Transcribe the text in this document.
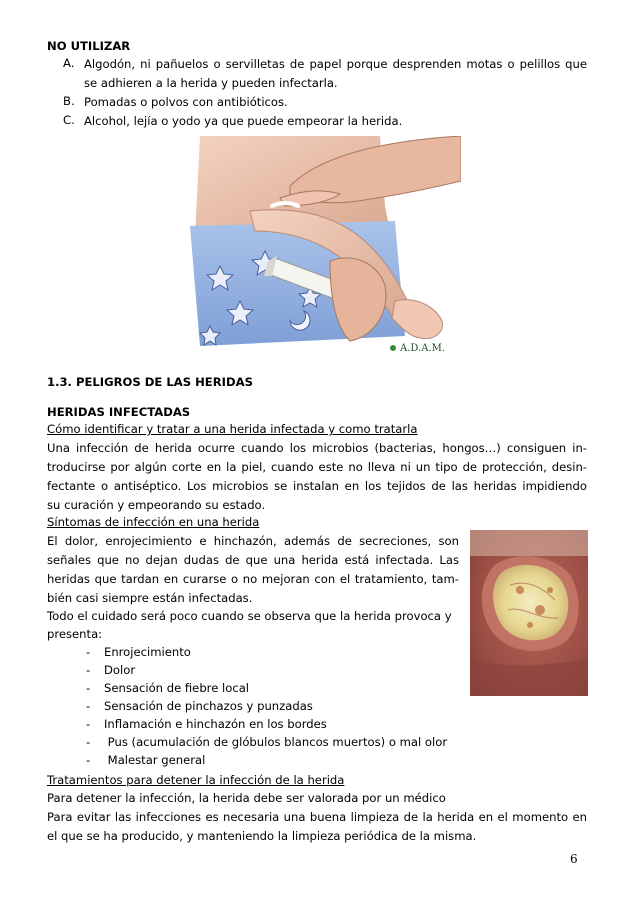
NO UTILIZAR
A. Algodón, ni pañuelos o servilletas de papel porque desprenden motas o pelillos que
se adhieren a la herida y pueden infectarla.
B. Pomadas o polvos con antibióticos.
C. Alcohol, lejía o yodo ya que puede empeorar la herida.
A.D.A.M.
1.3. PELIGROS DE LAS HERIDAS
HERIDAS INFECTADAS
Cómo identificar y tratar a una herida infectada y como tratarla
Una infección de herida ocurre cuando los microbios (bacterias, hongos…) consiguen in-
troducirse por algún corte en la piel, cuando este no lleva ni un tipo de protección, desin-
fectante o antiséptico. Los microbios se instalan en los tejidos de las heridas impidiendo
su curación y empeorando su estado.
Síntomas de infección en una herida
El dolor, enrojecimiento e hinchazón, además de secreciones, son
señales que no dejan dudas de que una herida está infectada. Las
heridas que tardan en curarse o no mejoran con el tratamiento, tam-
bién casi siempre están infectadas.
Todo el cuidado será poco cuando se observa que la herida provoca y
presenta:
- Enrojecimiento
- Dolor
- Sensación de fiebre local
- Sensación de pinchazos y punzadas
- Inflamación e hinchazón en los bordes
- Pus (acumulación de glóbulos blancos muertos) o mal olor
- Malestar general
Tratamientos para detener la infección de la herida
Para detener la infección, la herida debe ser valorada por un médico
Para evitar las infecciones es necesaria una buena limpieza de la herida en el momento en
el que se ha producido, y manteniendo la limpieza periódica de la misma.
6
